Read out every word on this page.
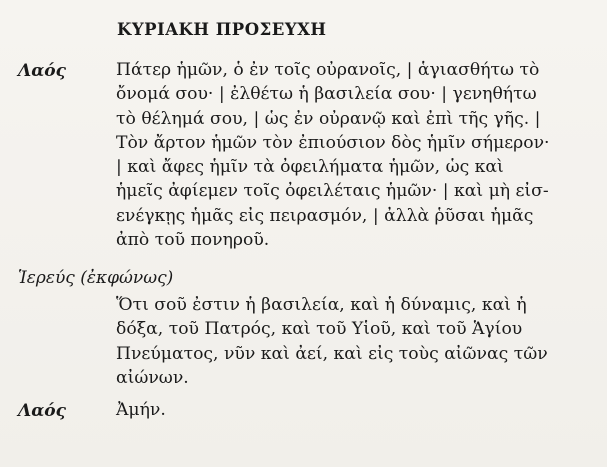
ΚΥΡΙΑΚΗ ΠΡΟΣΕΥΧΗ
Λαός	Πάτερ ἡμῶν, ὁ ἐν τοῖς οὐρανοῖς, | ἁγιασθήτω τὸ
ὄνομά σου· | ἐλθέτω ἡ βασιλεία σου· | γενηθήτω
τὸ θέλημά σου, | ὡς ἐν οὐρανῷ καὶ ἐπὶ τῆς γῆς. |
Τὸν ἄρτον ἡμῶν τὸν ἐπιούσιον δὸς ἡμῖν σήμερον·
| καὶ ἄφες ἡμῖν τὰ ὀφειλήματα ἡμῶν, ὡς καὶ
ἡμεῖς ἀφίεμεν τοῖς ὀφειλέταις ἡμῶν· | καὶ μὴ εἰσ-
ενέγκῃς ἡμᾶς εἰς πειρασμόν, | ἀλλὰ ῥῦσαι ἡμᾶς
ἀπὸ τοῦ πονηροῦ.
Ἱερεύς (ἐκφώνως)
Ὅτι σοῦ ἐστιν ἡ βασιλεία, καὶ ἡ δύναμις, καὶ ἡ
δόξα, τοῦ Πατρός, καὶ τοῦ Υἱοῦ, καὶ τοῦ Ἁγίου
Πνεύματος, νῦν καὶ ἀεί, καὶ εἰς τοὺς αἰῶνας τῶν
αἰώνων.
Λαός	Ἀμήν.
